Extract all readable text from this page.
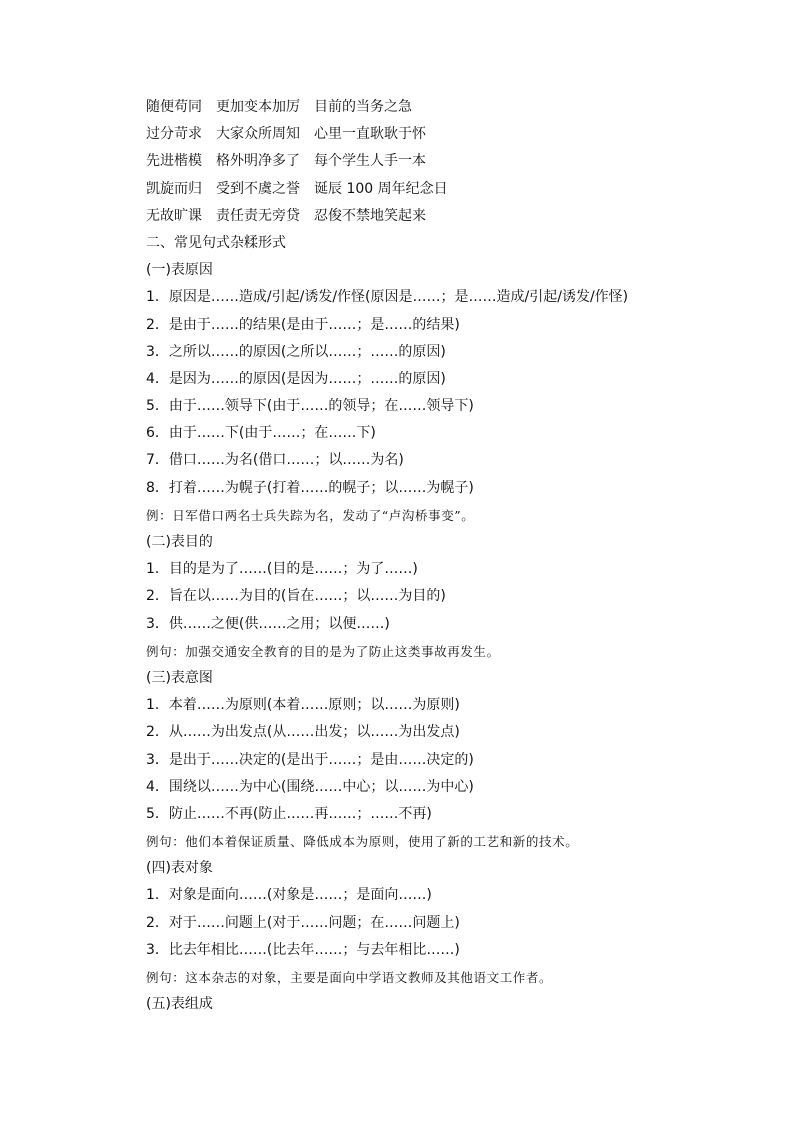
随便苟同 更加变本加厉 目前的当务之急
过分苛求 大家众所周知 心里一直耿耿于怀
先进楷模 格外明净多了 每个学生人手一本
凯旋而归 受到不虞之誉 诞辰 100 周年纪念日
无故旷课 责任责无旁贷 忍俊不禁地笑起来
二、常见句式杂糅形式
(一)表原因
1．原因是……造成/引起/诱发/作怪(原因是……；是……造成/引起/诱发/作怪)
2．是由于……的结果(是由于……；是……的结果)
3．之所以……的原因(之所以……；……的原因)
4．是因为……的原因(是因为……；……的原因)
5．由于……领导下(由于……的领导；在……领导下)
6．由于……下(由于……；在……下)
7．借口……为名(借口……；以……为名)
8．打着……为幌子(打着……的幌子；以……为幌子)
例：日军借口两名士兵失踪为名，发动了“卢沟桥事变”。
(二)表目的
1．目的是为了……(目的是……；为了……)
2．旨在以……为目的(旨在……；以……为目的)
3．供……之便(供……之用；以便……)
例句：加强交通安全教育的目的是为了防止这类事故再发生。
(三)表意图
1．本着……为原则(本着……原则；以……为原则)
2．从……为出发点(从……出发；以……为出发点)
3．是出于……决定的(是出于……；是由……决定的)
4．围绕以……为中心(围绕……中心；以……为中心)
5．防止……不再(防止……再……；……不再)
例句：他们本着保证质量、降低成本为原则，使用了新的工艺和新的技术。
(四)表对象
1．对象是面向……(对象是……；是面向……)
2．对于……问题上(对于……问题；在……问题上)
3．比去年相比……(比去年……；与去年相比……)
例句：这本杂志的对象，主要是面向中学语文教师及其他语文工作者。
(五)表组成
